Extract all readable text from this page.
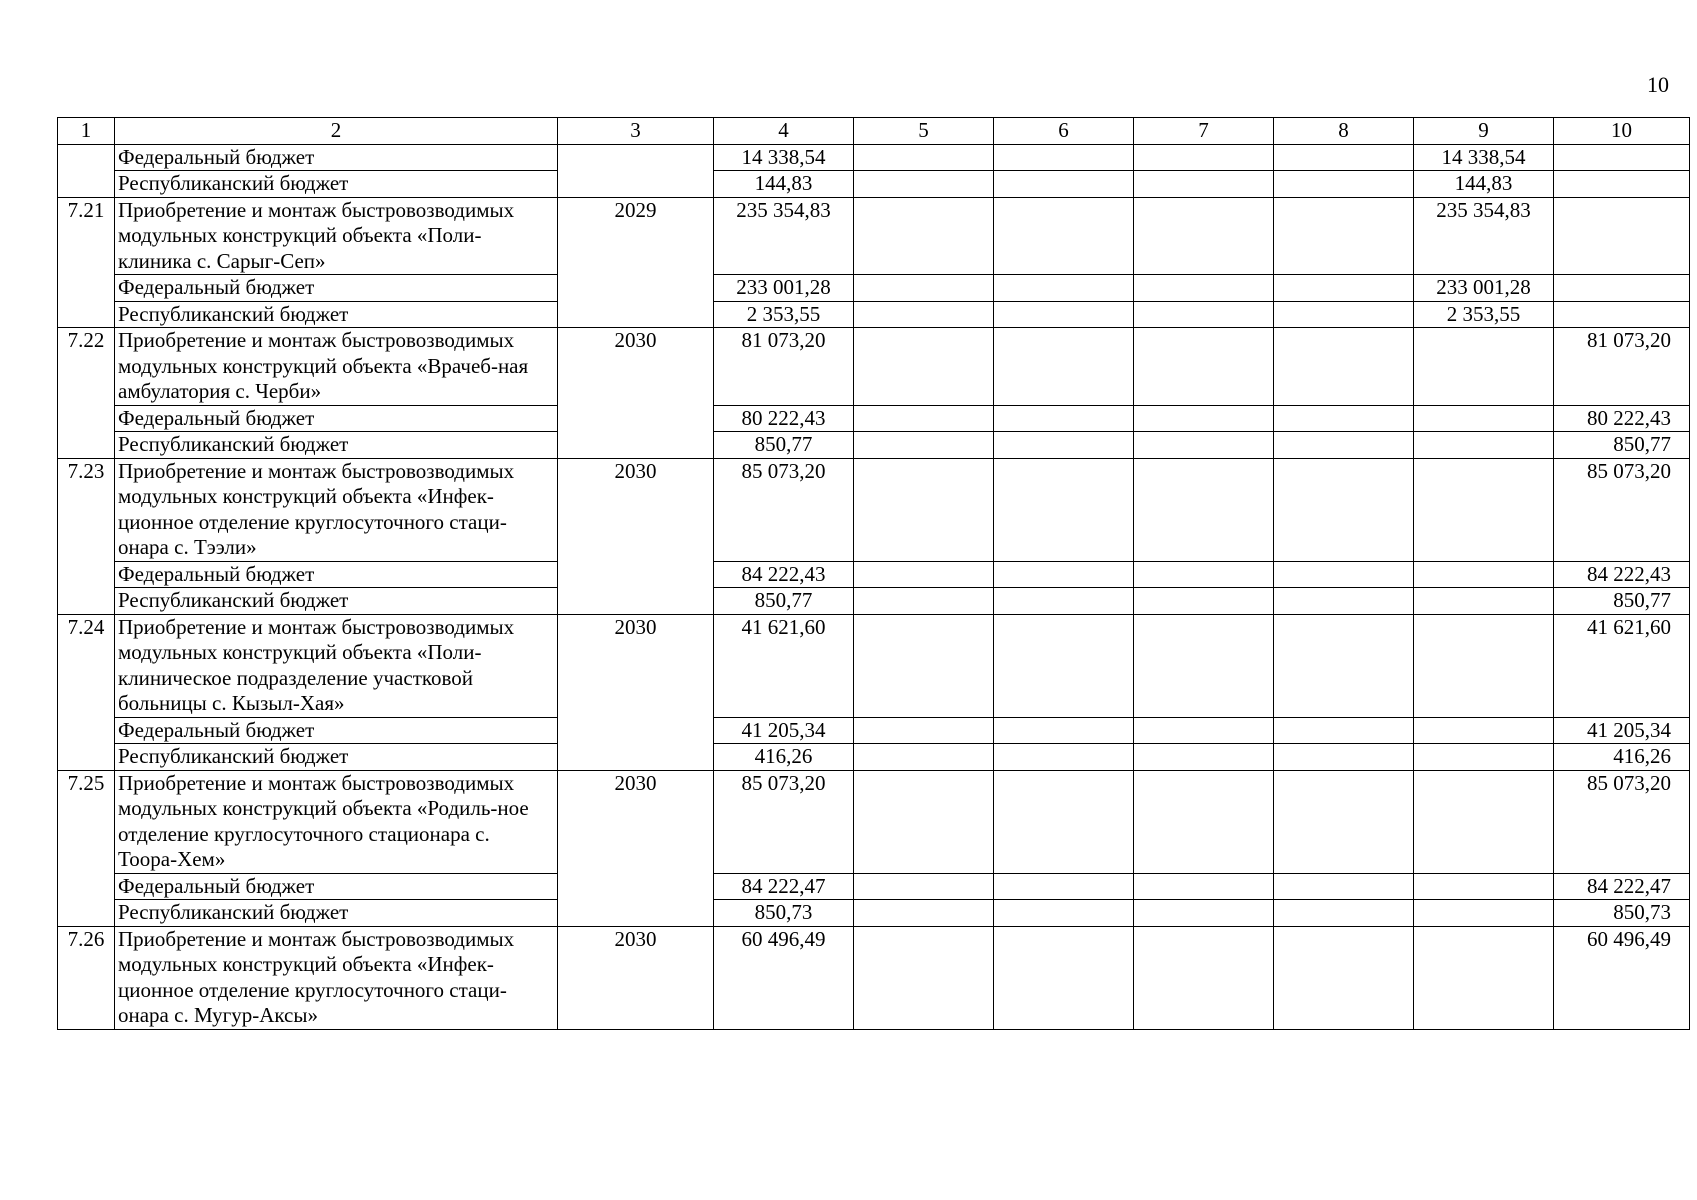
10
1	2	3	4	5	6	7	8	9	10
	Федеральный бюджет		14 338,54					14 338,54	
	Республиканский бюджет		144,83					144,83	
7.21	Приобретение и монтаж быстровозводимых модульных конструкций объекта «Поли-клиника с. Сарыг-Сеп»	2029	235 354,83					235 354,83	
	Федеральный бюджет		233 001,28					233 001,28	
	Республиканский бюджет		2 353,55					2 353,55	
7.22	Приобретение и монтаж быстровозводимых модульных конструкций объекта «Врачеб-ная амбулатория с. Черби»	2030	81 073,20						81 073,20
	Федеральный бюджет		80 222,43						80 222,43
	Республиканский бюджет		850,77						850,77
7.23	Приобретение и монтаж быстровозводимых модульных конструкций объекта «Инфек-ционное отделение круглосуточного стаци-онара с. Тээли»	2030	85 073,20						85 073,20
	Федеральный бюджет		84 222,43						84 222,43
	Республиканский бюджет		850,77						850,77
7.24	Приобретение и монтаж быстровозводимых модульных конструкций объекта «Поли-клиническое подразделение участковой больницы с. Кызыл-Хая»	2030	41 621,60						41 621,60
	Федеральный бюджет		41 205,34						41 205,34
	Республиканский бюджет		416,26						416,26
7.25	Приобретение и монтаж быстровозводимых модульных конструкций объекта «Родиль-ное отделение круглосуточного стационара с. Тоора-Хем»	2030	85 073,20						85 073,20
	Федеральный бюджет		84 222,47						84 222,47
	Республиканский бюджет		850,73						850,73
7.26	Приобретение и монтаж быстровозводимых модульных конструкций объекта «Инфек-ционное отделение круглосуточного стаци-онара с. Мугур-Аксы»	2030	60 496,49						60 496,49
